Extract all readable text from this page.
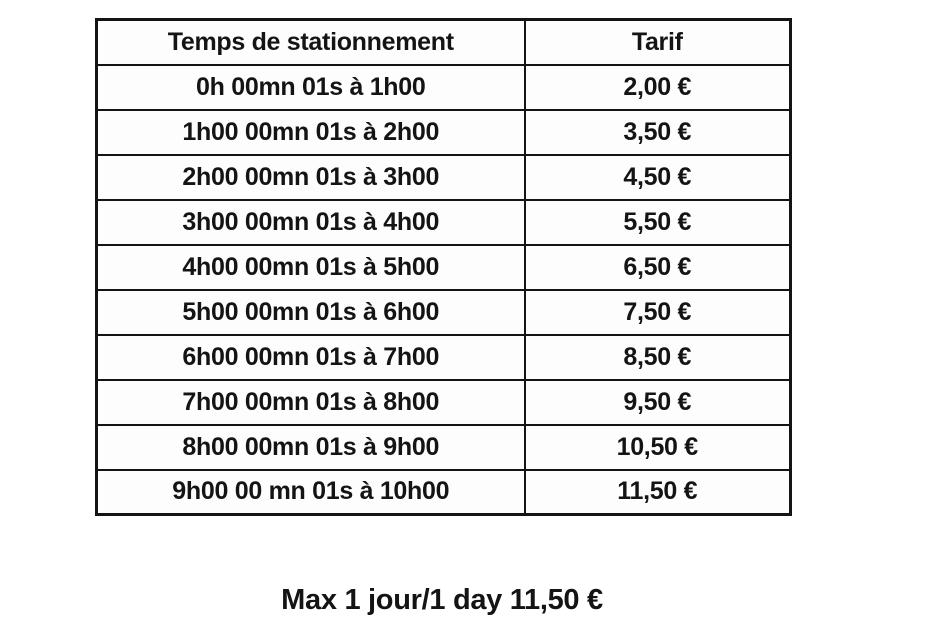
Temps de stationnement	Tarif
0h 00mn 01s à 1h00	2,00 €
1h00 00mn 01s à 2h00	3,50 €
2h00 00mn 01s à 3h00	4,50 €
3h00 00mn 01s à 4h00	5,50 €
4h00 00mn 01s à 5h00	6,50 €
5h00 00mn 01s à 6h00	7,50 €
6h00 00mn 01s à 7h00	8,50 €
7h00 00mn 01s à 8h00	9,50 €
8h00 00mn 01s à 9h00	10,50 €
9h00 00 mn 01s à 10h00	11,50 €
Max 1 jour/1 day 11,50 €
